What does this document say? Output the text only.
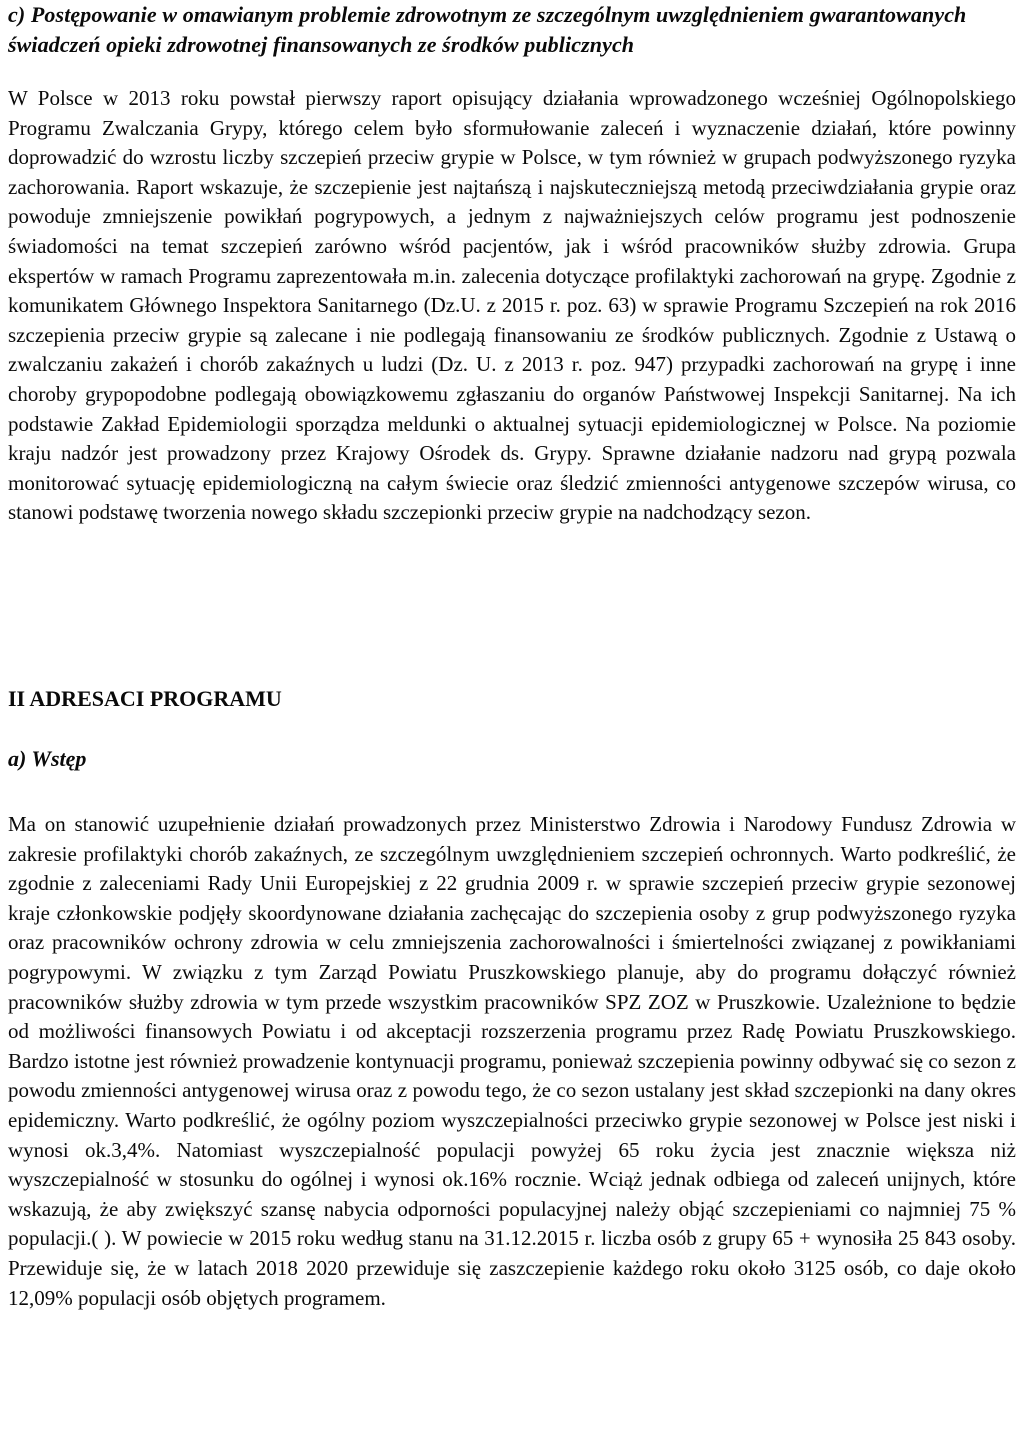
c) Postępowanie w omawianym problemie zdrowotnym ze szczególnym uwzględnieniem gwarantowanych świadczeń opieki zdrowotnej finansowanych ze środków publicznych

W Polsce w 2013 roku powstał pierwszy raport opisujący działania wprowadzonego wcześniej Ogólnopolskiego Programu Zwalczania Grypy, którego celem było sformułowanie zaleceń i wyznaczenie działań, które powinny doprowadzić do wzrostu liczby szczepień przeciw grypie w Polsce, w tym również w grupach podwyższonego ryzyka zachorowania. Raport wskazuje, że szczepienie jest najtańszą i najskuteczniejszą metodą przeciwdziałania grypie oraz powoduje zmniejszenie powikłań pogrypowych, a jednym z najważniejszych celów programu jest podnoszenie świadomości na temat szczepień zarówno wśród pacjentów, jak i wśród pracowników służby zdrowia. Grupa ekspertów w ramach Programu zaprezentowała m.in. zalecenia dotyczące profilaktyki zachorowań na grypę. Zgodnie z komunikatem Głównego Inspektora Sanitarnego (Dz.U. z 2015 r. poz. 63) w sprawie Programu Szczepień na rok 2016 szczepienia przeciw grypie są zalecane i nie podlegają finansowaniu ze środków publicznych. Zgodnie z Ustawą o zwalczaniu zakażeń i chorób zakaźnych u ludzi (Dz. U. z 2013 r. poz. 947) przypadki zachorowań na grypę i inne choroby grypopodobne podlegają obowiązkowemu zgłaszaniu do organów Państwowej Inspekcji Sanitarnej. Na ich podstawie Zakład Epidemiologii sporządza meldunki o aktualnej sytuacji epidemiologicznej w Polsce. Na poziomie kraju nadzór jest prowadzony przez Krajowy Ośrodek ds. Grypy. Sprawne działanie nadzoru nad grypą pozwala monitorować sytuację epidemiologiczną na całym świecie oraz śledzić zmienności antygenowe szczepów wirusa, co stanowi podstawę tworzenia nowego składu szczepionki przeciw grypie na nadchodzący sezon.

II ADRESACI PROGRAMU
a) Wstęp

Ma on stanowić uzupełnienie działań prowadzonych przez Ministerstwo Zdrowia i Narodowy Fundusz Zdrowia w zakresie profilaktyki chorób zakaźnych, ze szczególnym uwzględnieniem szczepień ochronnych. Warto podkreślić, że zgodnie z zaleceniami Rady Unii Europejskiej z 22 grudnia 2009 r. w sprawie szczepień przeciw grypie sezonowej kraje członkowskie podjęły skoordynowane działania zachęcając do szczepienia osoby z grup podwyższonego ryzyka oraz pracowników ochrony zdrowia w celu zmniejszenia zachorowalności i śmiertelności związanej z powikłaniami pogrypowymi. W związku z tym Zarząd Powiatu Pruszkowskiego planuje, aby do programu dołączyć również pracowników służby zdrowia w tym przede wszystkim pracowników SPZ ZOZ w Pruszkowie. Uzależnione to będzie od możliwości finansowych Powiatu i od akceptacji rozszerzenia programu przez Radę Powiatu Pruszkowskiego. Bardzo istotne jest również prowadzenie kontynuacji programu, ponieważ szczepienia powinny odbywać się co sezon z powodu zmienności antygenowej wirusa oraz z powodu tego, że co sezon ustalany jest skład szczepionki na dany okres epidemiczny. Warto podkreślić, że ogólny poziom wyszczepialności przeciwko grypie sezonowej w Polsce jest niski i wynosi ok.3,4%. Natomiast wyszczepialność populacji powyżej 65 roku życia jest znacznie większa niż wyszczepialność w stosunku do ogólnej i wynosi ok.16% rocznie. Wciąż jednak odbiega od zaleceń unijnych, które wskazują, że aby zwiększyć szansę nabycia odporności populacyjnej należy objąć szczepieniami co najmniej 75 % populacji.( ). W powiecie w 2015 roku według stanu na 31.12.2015 r. liczba osób z grupy 65 + wynosiła 25 843 osoby. Przewiduje się, że w latach 2018 2020 przewiduje się zaszczepienie każdego roku około 3125 osób, co daje około 12,09% populacji osób objętych programem.
